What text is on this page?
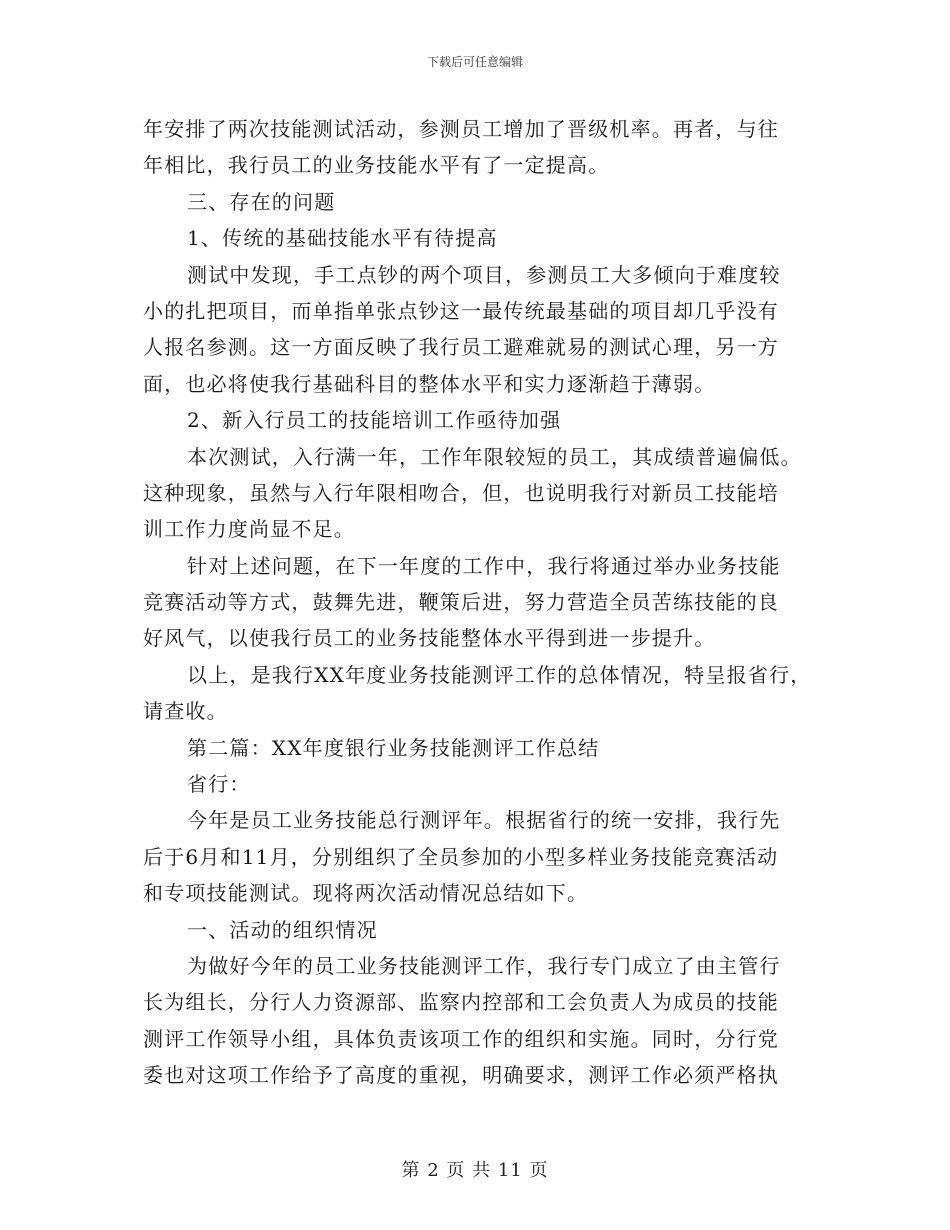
下载后可任意编辑
年安排了两次技能测试活动，参测员工增加了晋级机率。再者，与往
年相比，我行员工的业务技能水平有了一定提高。
三、存在的问题
1、传统的基础技能水平有待提高
测试中发现，手工点钞的两个项目，参测员工大多倾向于难度较
小的扎把项目，而单指单张点钞这一最传统最基础的项目却几乎没有
人报名参测。这一方面反映了我行员工避难就易的测试心理，另一方
面，也必将使我行基础科目的整体水平和实力逐渐趋于薄弱。
2、新入行员工的技能培训工作亟待加强
本次测试，入行满一年，工作年限较短的员工，其成绩普遍偏低。
这种现象，虽然与入行年限相吻合，但，也说明我行对新员工技能培
训工作力度尚显不足。
针对上述问题，在下一年度的工作中，我行将通过举办业务技能
竞赛活动等方式，鼓舞先进，鞭策后进，努力营造全员苦练技能的良
好风气，以使我行员工的业务技能整体水平得到进一步提升。
以上，是我行XX年度业务技能测评工作的总体情况，特呈报省行，
请查收。
第二篇：XX年度银行业务技能测评工作总结
省行：
今年是员工业务技能总行测评年。根据省行的统一安排，我行先
后于6月和11月，分别组织了全员参加的小型多样业务技能竞赛活动
和专项技能测试。现将两次活动情况总结如下。
一、活动的组织情况
为做好今年的员工业务技能测评工作，我行专门成立了由主管行
长为组长，分行人力资源部、监察内控部和工会负责人为成员的技能
测评工作领导小组，具体负责该项工作的组织和实施。同时，分行党
委也对这项工作给予了高度的重视，明确要求，测评工作必须严格执
第 2 页 共 11 页
